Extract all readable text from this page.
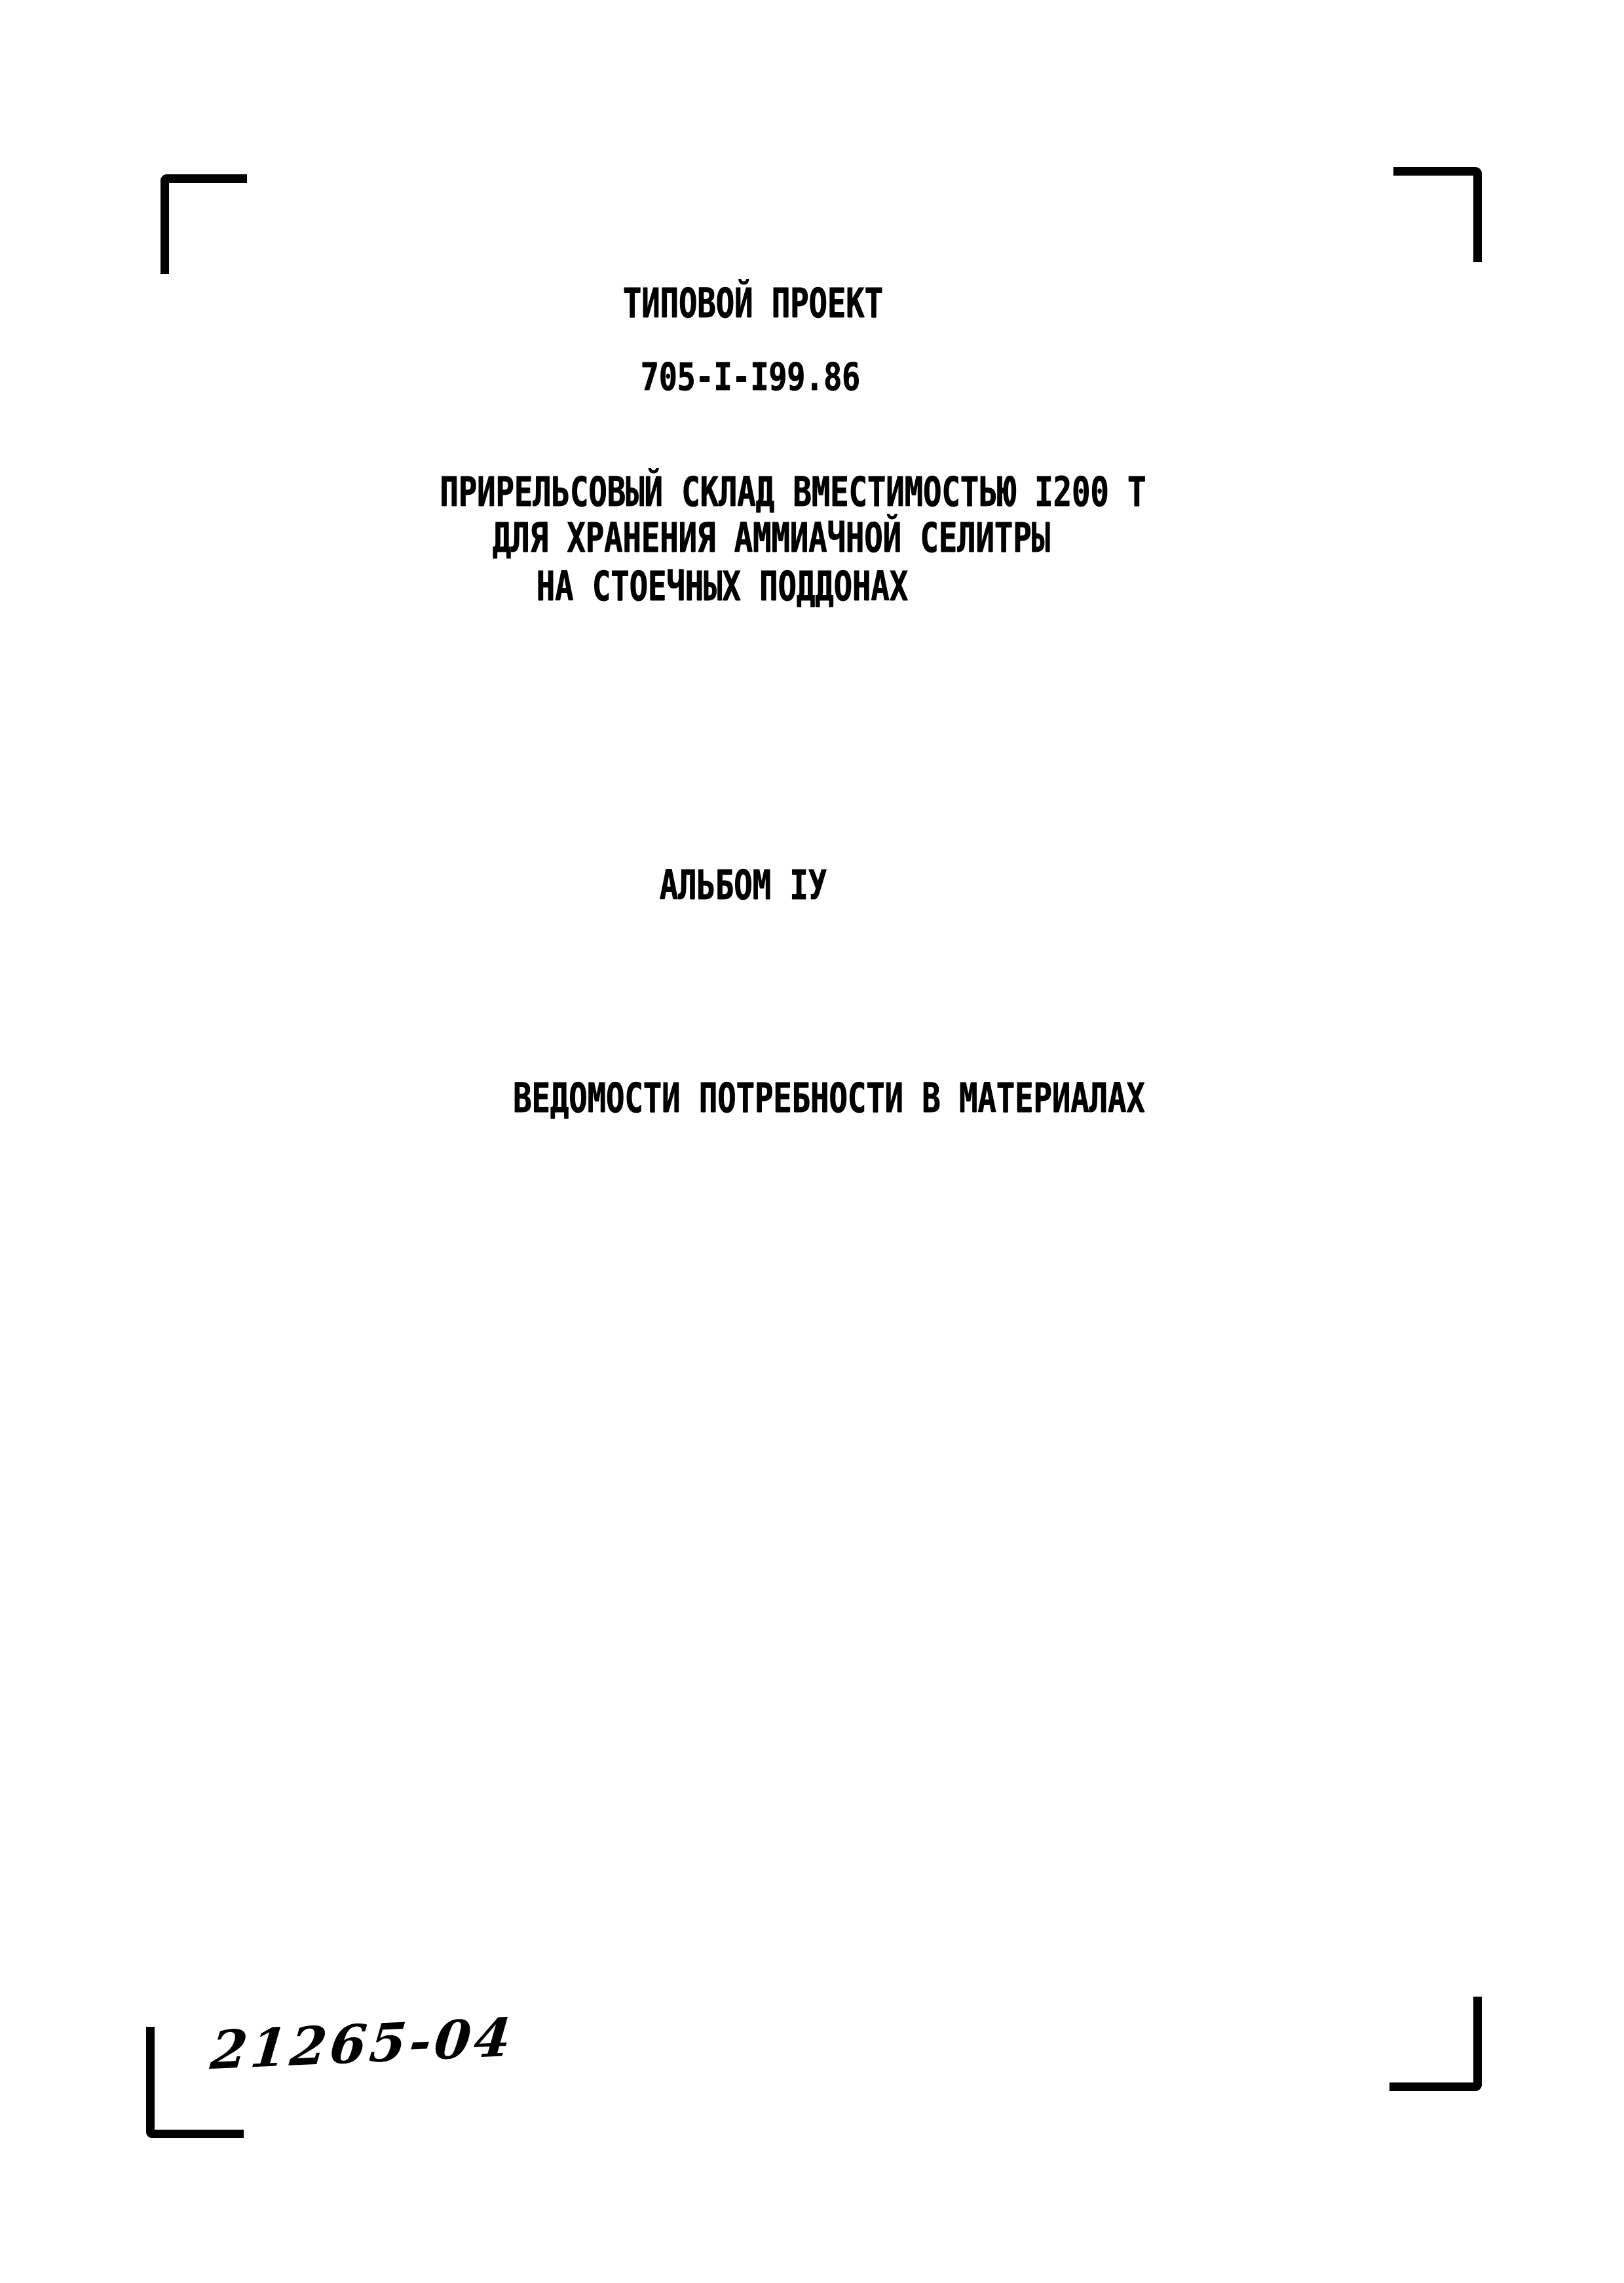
ТИПОВОЙ ПРОЕКТ
705-I-I99.86
ПРИРЕЛЬСОВЫЙ СКЛАД ВМЕСТИМОСТЬЮ I200 Т
ДЛЯ ХРАНЕНИЯ АММИАЧНОЙ СЕЛИТРЫ
НА СТОЕЧНЫХ ПОДДОНАХ
АЛЬБОМ IУ
ВЕДОМОСТИ ПОТРЕБНОСТИ В МАТЕРИАЛАХ
21265-04
